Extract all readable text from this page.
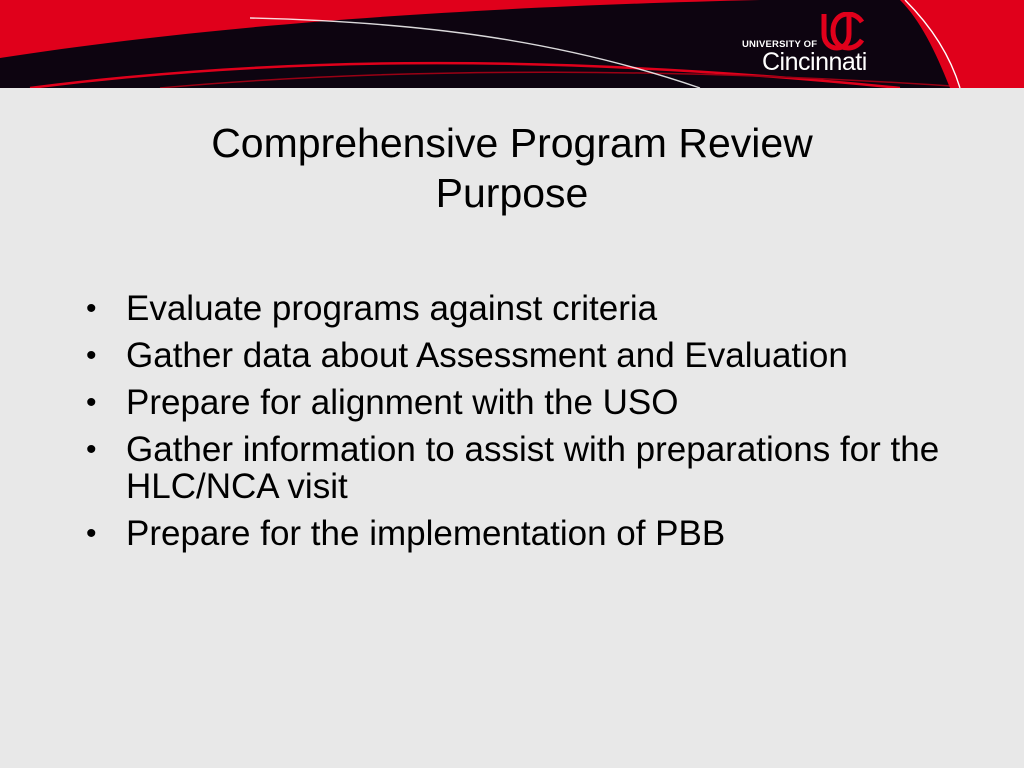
UNIVERSITY OF
Cincinnati
Comprehensive Program Review
Purpose
• Evaluate programs against criteria
• Gather data about Assessment and Evaluation
• Prepare for alignment with the USO
• Gather information to assist with preparations for the HLC/NCA visit
• Prepare for the implementation of PBB
